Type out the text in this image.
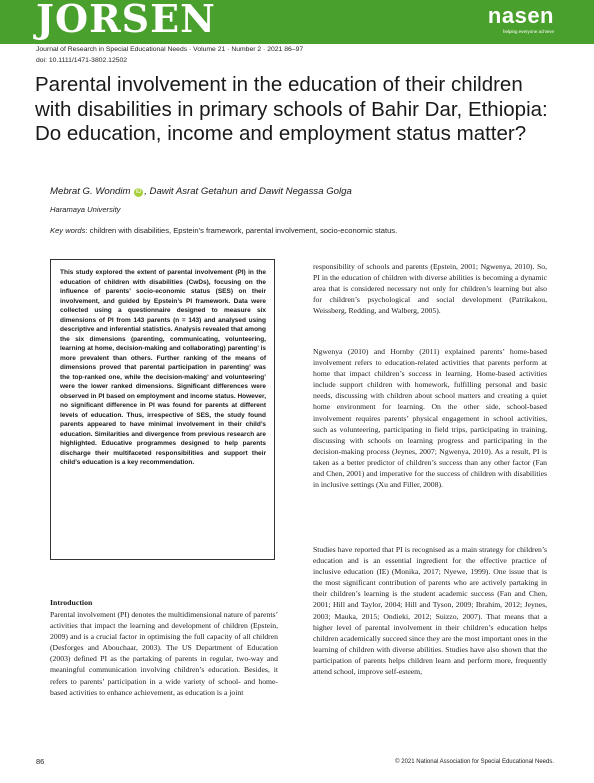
JORSEN	nasen
helping everyone achieve
Journal of Research in Special Educational Needs · Volume 21 · Number 2 · 2021 86–97
doi: 10.1111/1471-3802.12502
Parental involvement in the education of their children with disabilities in primary schools of Bahir Dar, Ethiopia: Do education, income and employment status matter?
Mebrat G. Wondim iD , Dawit Asrat Getahun and Dawit Negassa Golga
Haramaya University
Key words: children with disabilities, Epstein’s framework, parental involvement, socio-economic status.

This study explored the extent of parental involvement (PI) in the education of children with disabilities (CwDs), focusing on the influence of parents’ socio-economic status (SES) on their involvement, and guided by Epstein’s PI framework. Data were collected using a questionnaire designed to measure six dimensions of PI from 143 parents (n = 143) and analysed using descriptive and inferential statistics. Analysis revealed that among the six dimensions (parenting, communicating, volunteering, learning at home, decision-making and collaborating) parenting’ is more prevalent than others. Further ranking of the means of dimensions proved that parental participation in parenting’ was the top-ranked one, while the decision-making’ and volunteering’ were the lower ranked dimensions. Significant differences were observed in PI based on employment and income status. However, no significant difference in PI was found for parents at different levels of education. Thus, irrespective of SES, the study found parents appeared to have minimal involvement in their child’s education. Similarities and divergence from previous research are highlighted. Educative programmes designed to help parents discharge their multifaceted responsibilities and support their child’s education is a key recommendation.

Introduction

Parental involvement (PI) denotes the multidimensional nature of parents’ activities that impact the learning and development of children (Epstein, 2009) and is a crucial factor in optimising the full capacity of all children (Desforges and Abouchaar, 2003). The US Department of Education (2003) defined PI as the partaking of parents in regular, two-way and meaningful communication involving children’s education. Besides, it refers to parents’ participation in a wide variety of school- and home-based activities to enhance achievement, as education is a joint

responsibility of schools and parents (Epstein, 2001; Ngwenya, 2010). So, PI in the education of children with diverse abilities is becoming a dynamic area that is considered necessary not only for children’s learning but also for children’s psychological and social development (Patrikakou, Weissberg, Redding, and Walberg, 2005).

Ngwenya (2010) and Hornby (2011) explained parents’ home-based involvement refers to education-related activities that parents perform at home that impact children’s success in learning. Home-based activities include support children with homework, fulfilling personal and basic needs, discussing with children about school matters and creating a quiet home environment for learning. On the other side, school-based involvement requires parents’ physical engagement in school activities, such as volunteering, participating in field trips, participating in training, discussing with schools on learning progress and participating in the decision-making process (Jeynes, 2007; Ngwenya, 2010). As a result, PI is taken as a better predictor of children’s success than any other factor (Fan and Chen, 2001) and imperative for the success of children with disabilities in inclusive settings (Xu and Filler, 2008).

Studies have reported that PI is recognised as a main strategy for children’s education and is an essential ingredient for the effective practice of inclusive education (IE) (Monika, 2017; Nyewe, 1999). One issue that is the most significant contribution of parents who are actively partaking in their children’s learning is the student academic success (Fan and Chen, 2001; Hill and Taylor, 2004; Hill and Tyson, 2009; Ibrahim, 2012; Jeynes, 2003; Mauka, 2015; Ondieki, 2012; Suizzo, 2007). That means that a higher level of parental involvement in their children’s education helps children academically succeed since they are the most important ones in the learning of children with diverse abilities. Studies have also shown that the participation of parents helps children learn and perform more, frequently attend school, improve self-esteem,

86	© 2021 National Association for Special Educational Needs.
